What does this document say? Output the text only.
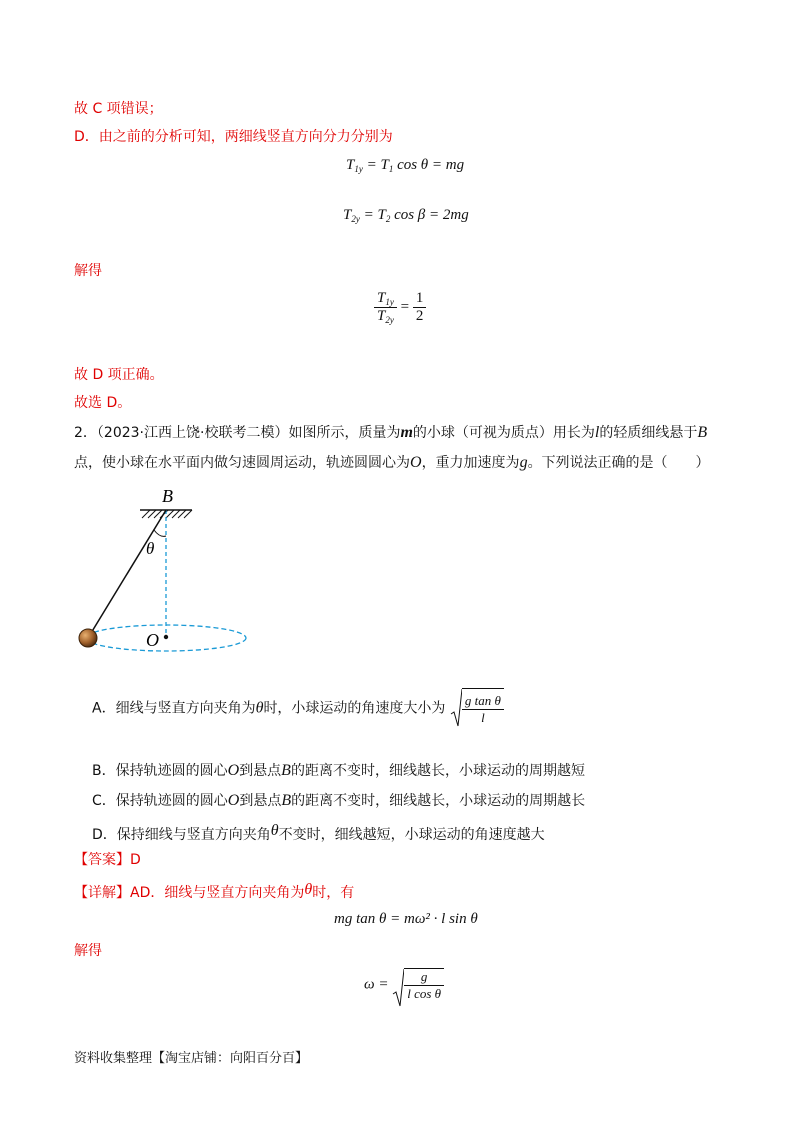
故 C 项错误；
D．由之前的分析可知，两细线竖直方向分力分别为
$T_{1y} = T_1$ cos θ = mg
$T_{2y} = T_2$ cos β = 2mg
解得
$\frac{T_{1y}}{T_{2y}} = \frac{1}{2}$
故 D 项正确。
故选 D。
2．（2023·江西上饶·校联考二模）如图所示，质量为m的小球（可视为质点）用长为l的轻质细线悬于B
点，使小球在水平面内做匀速圆周运动，轨迹圆圆心为O，重力加速度为g。下列说法正确的是（　　）
B
θ
O
A．细线与竖直方向夹角为θ时，小球运动的角速度大小为 $\frac{\text{g tan θ}}{l}$
B．保持轨迹圆的圆心O到悬点B的距离不变时，细线越长，小球运动的周期越短
C．保持轨迹圆的圆心O到悬点B的距离不变时，细线越长，小球运动的周期越长
D．保持细线与竖直方向夹角θ不变时，细线越短，小球运动的角速度越大
【答案】D
【详解】AD．细线与竖直方向夹角为θ时，有
mg tan θ = mω² · l sin θ
解得
$\omega = \frac{g}{\text{l cos θ}}$
资料收集整理【淘宝店铺：向阳百分百】
